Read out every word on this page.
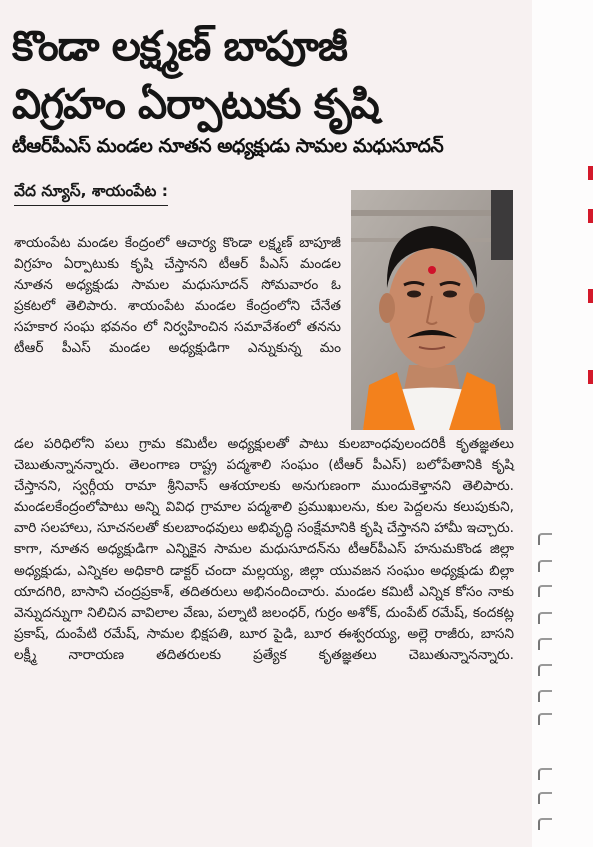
కొండా లక్ష్మణ్ బాపూజీ
విగ్రహం ఏర్పాటుకు కృషి
టీఆర్‌పీఎస్ మండల నూతన అధ్యక్షుడు సామల మధుసూదన్
వేద న్యూస్, శాయంపేట :

శాయంపేట మండల కేంద్రంలో ఆచార్య కొండా లక్ష్మణ్ బాపూజీ విగ్రహం ఏర్పాటుకు కృషి చేస్తానని టీఆర్ పీఎస్ మండల నూతన అధ్యక్షుడు సామల మధుసూదన్ సోమవారం ఓ ప్రకటలో తెలిపారు. శాయంపేట మండల కేంద్రంలోని చేనేత సహకార సంఘ భవనం లో నిర్వహించిన సమావేశంలో తనను టీఆర్ పీఎస్ మండల అధ్యక్షుడిగా ఎన్నుకున్న మం

డల పరిధిలోని పలు గ్రామ కమిటీల అధ్యక్షులతో పాటు కులబాంధవులందరికీ కృతజ్ఞతలు చెబుతున్నానన్నారు. తెలంగాణ రాష్ట్ర పద్మశాలి సంఘం (టీఆర్ పీఎస్) బలోపేతానికి కృషి చేస్తానని, స్వర్గీయ రామా శ్రీనివాస్ ఆశయాలకు అనుగుణంగా ముందుకెళ్తానని తెలిపారు. మండలకేంద్రంలోపాటు అన్ని వివిధ గ్రామాల పద్మశాలి ప్రముఖులను, కుల పెద్దలను కలుపుకుని, వారి సలహాలు, సూచనలతో కులబాంధవులు అభివృద్ధి సంక్షేమానికి కృషి చేస్తానని హామీ ఇచ్చారు. కాగా, నూతన అధ్యక్షుడిగా ఎన్నికైన సామల మధుసూదన్‌ను టీఆర్‌పీఎస్ హనుమకొండ జిల్లా అధ్యక్షుడు, ఎన్నికల అధికారి డాక్టర్ చందా మల్లయ్య, జిల్లా యువజన సంఘం అధ్యక్షుడు బిల్లా యాదగిరి, బాసాని చంద్రప్రకాశ్, తదితరులు అభినందించారు. మండల కమిటీ ఎన్నిక కోసం నాకు వెన్నుదన్నుగా నిలిచిన వావిలాల వేణు, పల్నాటి జలంధర్, గుర్రం అశోక్, దుంపేట్ రమేష్, కందకట్ల ప్రకాష్, దుంపేటి రమేష్, సామల భిక్షపతి, బూర పైడి, బూర ఈశ్వరయ్య, అల్లె రాజీరు, బాసని లక్ష్మీ నారాయణ తదితరులకు ప్రత్యేక కృతజ్ఞతలు చెబుతున్నానన్నారు.
